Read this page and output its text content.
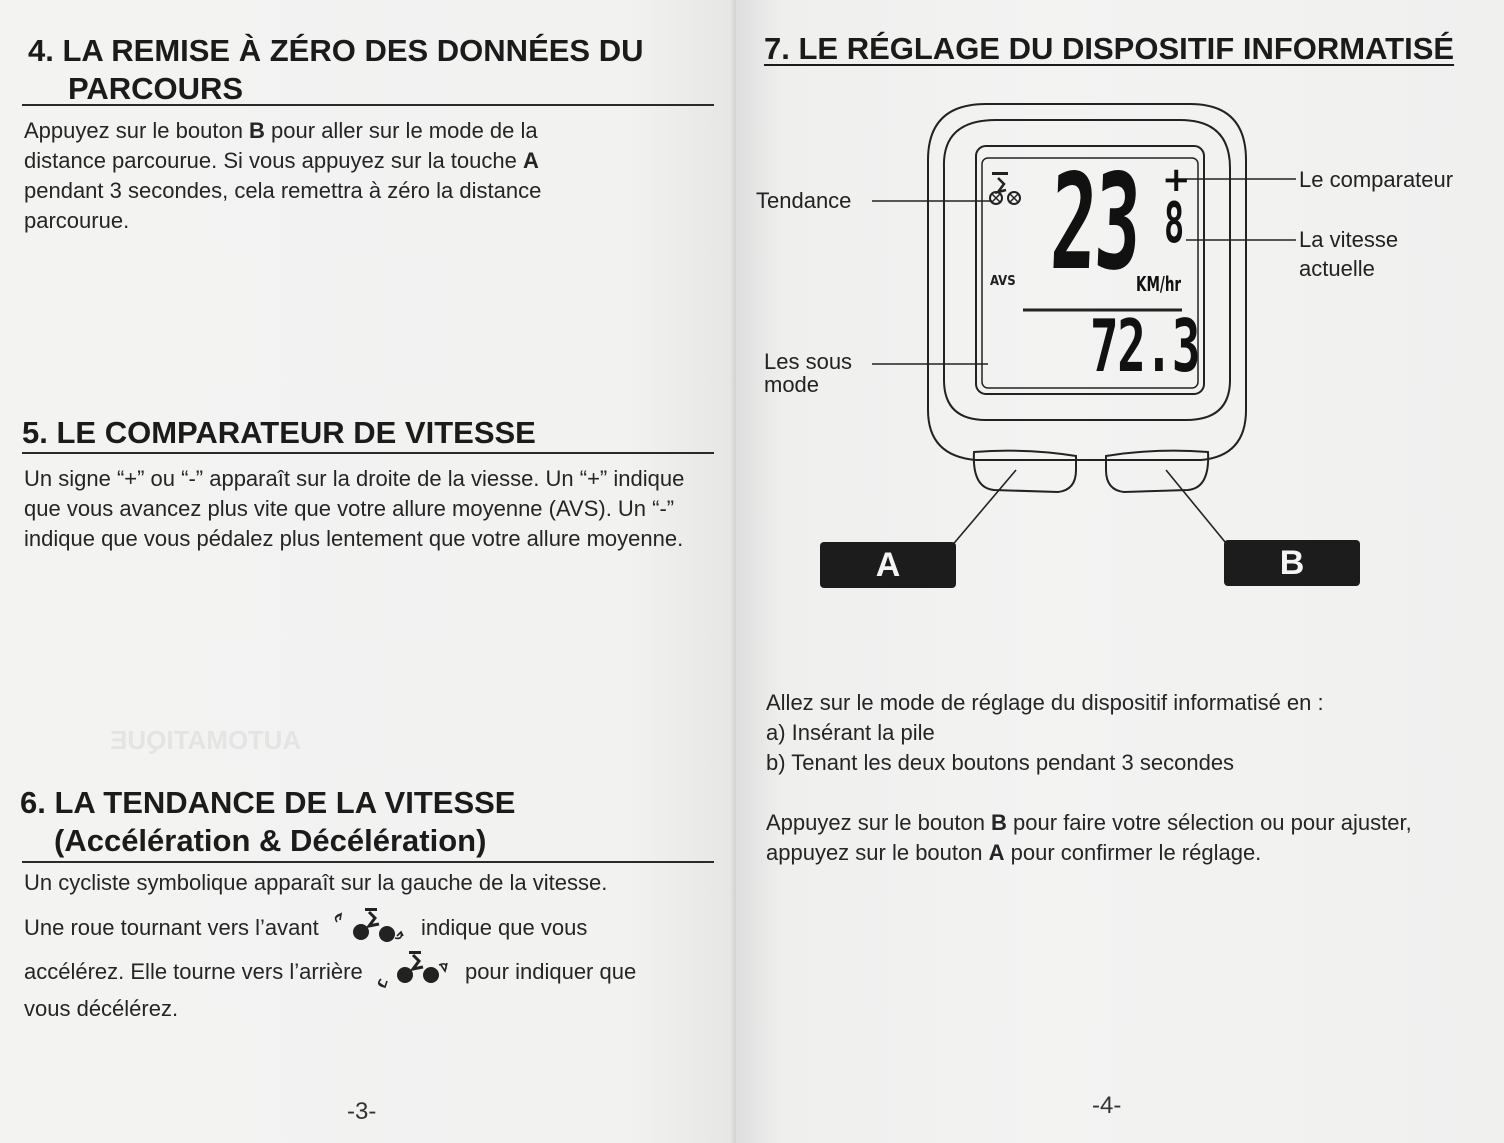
AUTOMATIQUE
4. LA REMISE À ZÉRO DES DONNÉES DU
PARCOURS

Appuyez sur le bouton B pour aller sur le mode de la distance parcourue. Si vous appuyez sur la touche A pendant 3 secondes, cela remettra à zéro la distance parcourue.

5. LE COMPARATEUR DE VITESSE

Un signe “+” ou “-” apparaît sur la droite de la viesse. Un “+” indique que vous avancez plus vite que votre allure moyenne (AVS). Un “-” indique que vous pédalez plus lentement que votre allure moyenne.

6. LA TENDANCE DE LA VITESSE
(Accélération & Décélération)

Un cycliste symbolique apparaît sur la gauche de la vitesse.

Une roue tournant vers l’avant	indique que vous

accélérez. Elle tourne vers l’arrière	pour indiquer que

vous décélérez.

-3-
7. LE RÉGLAGE DU DISPOSITIF INFORMATISÉ
AVS 23 +
8
KM/hr
72.3
Tendance
Le comparateur
La vitesse
actuelle
Les sous
mode
A	B

Allez sur le mode de réglage du dispositif informatisé en :

a) Insérant la pile

b) Tenant les deux boutons pendant 3 secondes

Appuyez sur le bouton B pour faire votre sélection ou pour ajuster, appuyez sur le bouton A pour confirmer le réglage.

-4-
